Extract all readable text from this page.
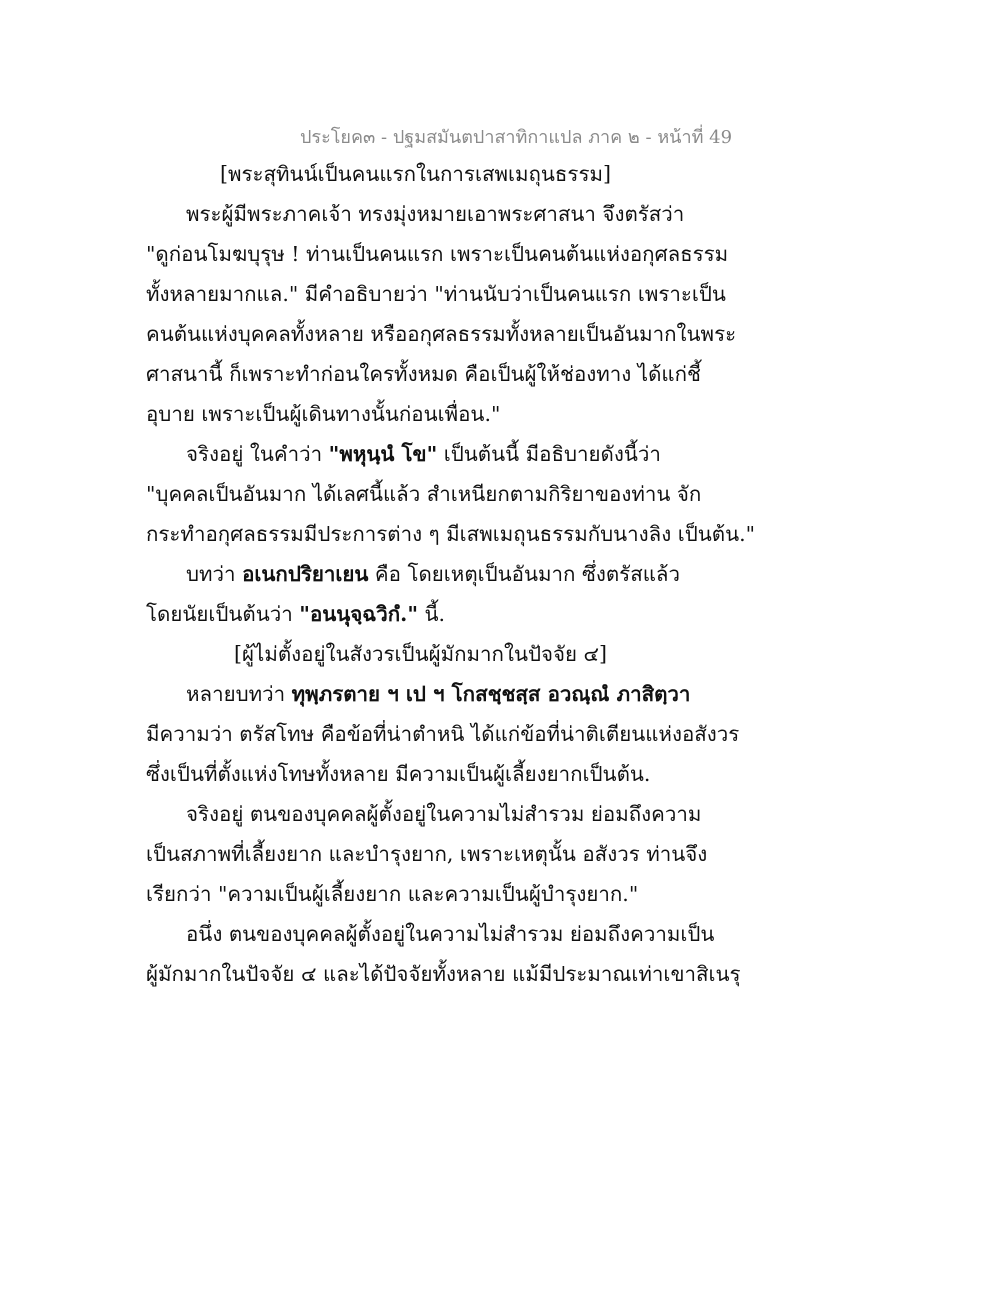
ประโยค๓ - ปฐมสมันตปาสาทิกาแปล ภาค ๒ - หน้าที่ 49
[พระสุทินน์เป็นคนแรกในการเสพเมถุนธรรม]
พระผู้มีพระภาคเจ้า ทรงมุ่งหมายเอาพระศาสนา จึงตรัสว่า
"ดูก่อนโมฆบุรุษ ! ท่านเป็นคนแรก เพราะเป็นคนต้นแห่งอกุศลธรรม
ทั้งหลายมากแล." มีคำอธิบายว่า "ท่านนับว่าเป็นคนแรก เพราะเป็น
คนต้นแห่งบุคคลทั้งหลาย หรืออกุศลธรรมทั้งหลายเป็นอันมากในพระ
ศาสนานี้ ก็เพราะทำก่อนใครทั้งหมด คือเป็นผู้ให้ช่องทาง ได้แก่ชี้
อุบาย เพราะเป็นผู้เดินทางนั้นก่อนเพื่อน."
จริงอยู่ ในคำว่า "พหุนฺนํ โข" เป็นต้นนี้ มีอธิบายดังนี้ว่า
"บุคคลเป็นอันมาก ได้เลศนี้แล้ว สำเหนียกตามกิริยาของท่าน จัก
กระทำอกุศลธรรมมีประการต่าง ๆ มีเสพเมถุนธรรมกับนางลิง เป็นต้น."
บทว่า อเนกปริยาเยน คือ โดยเหตุเป็นอันมาก ซึ่งตรัสแล้ว
โดยนัยเป็นต้นว่า "อนนุจฺฉวิกํ." นี้.
[ผู้ไม่ตั้งอยู่ในสังวรเป็นผู้มักมากในปัจจัย ๔]
หลายบทว่า ทุพฺภรตาย ฯ เป ฯ โกสชฺชสฺส อวณฺณํ ภาสิตฺวา
มีความว่า ตรัสโทษ คือข้อที่น่าตำหนิ ได้แก่ข้อที่น่าติเตียนแห่งอสังวร
ซึ่งเป็นที่ตั้งแห่งโทษทั้งหลาย มีความเป็นผู้เลี้ยงยากเป็นต้น.
จริงอยู่ ตนของบุคคลผู้ตั้งอยู่ในความไม่สำรวม ย่อมถึงความ
เป็นสภาพที่เลี้ยงยาก และบำรุงยาก, เพราะเหตุนั้น อสังวร ท่านจึง
เรียกว่า "ความเป็นผู้เลี้ยงยาก และความเป็นผู้บำรุงยาก."
อนึ่ง ตนของบุคคลผู้ตั้งอยู่ในความไม่สำรวม ย่อมถึงความเป็น
ผู้มักมากในปัจจัย ๔ และได้ปัจจัยทั้งหลาย แม้มีประมาณเท่าเขาสิเนรุ
